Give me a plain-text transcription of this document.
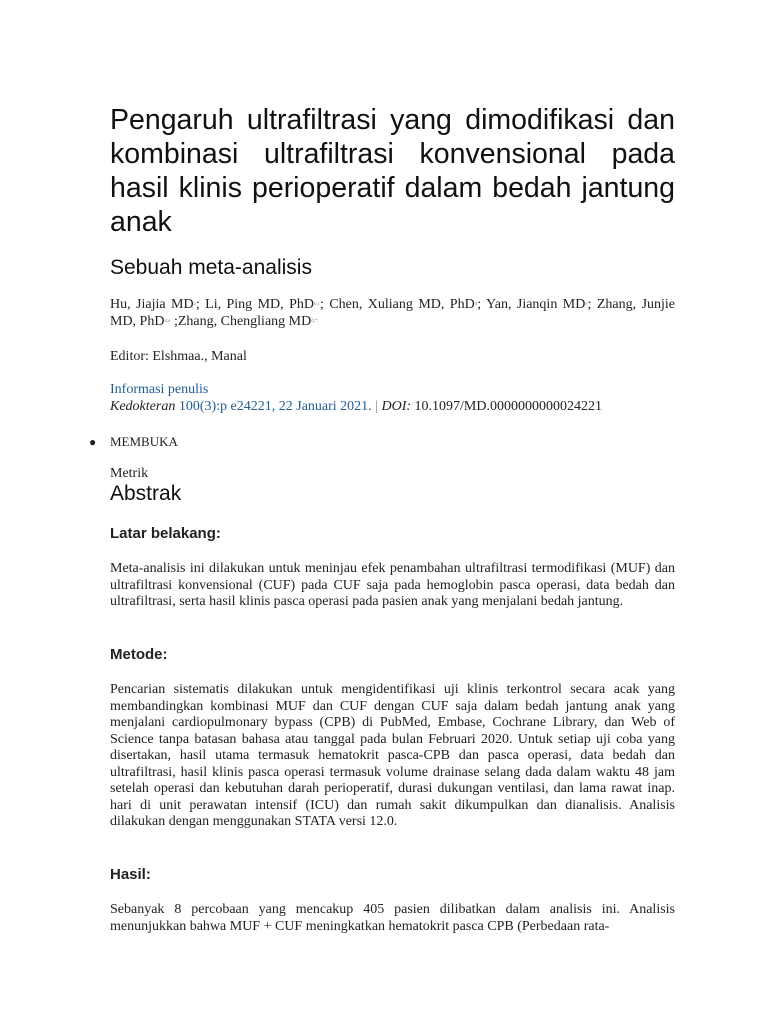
Pengaruh ultrafiltrasi yang dimodifikasi dan kombinasi ultrafiltrasi konvensional pada hasil klinis perioperatif dalam bedah jantung anak
Sebuah meta-analisis

Hu, Jiajia $MD^a$; Li, Ping MD, PhD$^{b,c}$; Chen, Xuliang MD, PhD$^d$; Yan, Jianqin MDe; Zhang, Junjie MD, PhD$^{d,e}$ ;Zhang, Chengliang $MD^{d,*}$

Editor: Elshmaa., Manal

Informasi penulis

Kedokteran 100(3):p e24221, 22 Januari 2021. | DOI: 10.1097/MD.0000000000024221

● MEMBUKA

Metrik

Abstrak
Latar belakang:

Meta-analisis ini dilakukan untuk meninjau efek penambahan ultrafiltrasi termodifikasi (MUF) dan ultrafiltrasi konvensional (CUF) pada CUF saja pada hemoglobin pasca operasi, data bedah dan ultrafiltrasi, serta hasil klinis pasca operasi pada pasien anak yang menjalani bedah jantung.

Metode:

Pencarian sistematis dilakukan untuk mengidentifikasi uji klinis terkontrol secara acak yang membandingkan kombinasi MUF dan CUF dengan CUF saja dalam bedah jantung anak yang menjalani cardiopulmonary bypass (CPB) di PubMed, Embase, Cochrane Library, dan Web of Science tanpa batasan bahasa atau tanggal pada bulan Februari 2020. Untuk setiap uji coba yang disertakan, hasil utama termasuk hematokrit pasca-CPB dan pasca operasi, data bedah dan ultrafiltrasi, hasil klinis pasca operasi termasuk volume drainase selang dada dalam waktu 48 jam setelah operasi dan kebutuhan darah perioperatif, durasi dukungan ventilasi, dan lama rawat inap. hari di unit perawatan intensif (ICU) dan rumah sakit dikumpulkan dan dianalisis. Analisis dilakukan dengan menggunakan STATA versi 12.0.

Hasil:

Sebanyak 8 percobaan yang mencakup 405 pasien dilibatkan dalam analisis ini. Analisis menunjukkan bahwa MUF + CUF meningkatkan hematokrit pasca CPB (Perbedaan rata-
